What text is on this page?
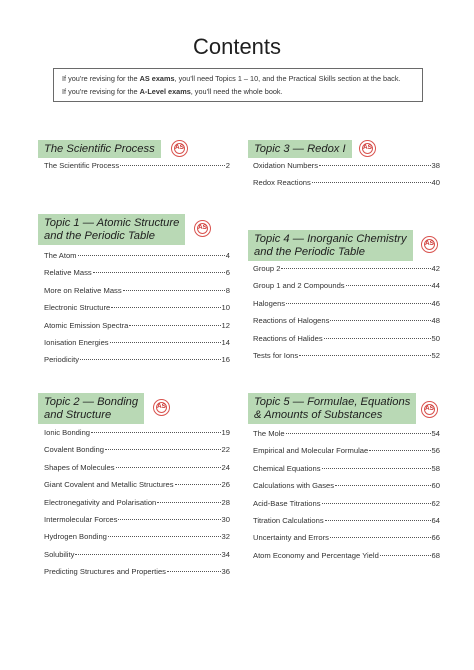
Contents
If you're revising for the AS exams, you'll need Topics 1 – 10, and the Practical Skills section at the back.
If you're revising for the A-Level exams, you'll need the whole book.
The Scientific Process	AS
The Scientific Process	2
Topic 1 — Atomic Structure
and the Periodic Table
AS
The Atom	4
Relative Mass	6
More on Relative Mass	8
Electronic Structure	10
Atomic Emission Spectra	12
Ionisation Energies	14
Periodicity	16
Topic 2 — Bonding
and Structure
AS
Ionic Bonding	19
Covalent Bonding	22
Shapes of Molecules	24
Giant Covalent and Metallic Structures	26
Electronegativity and Polarisation	28
Intermolecular Forces	30
Hydrogen Bonding	32
Solubility	34
Predicting Structures and Properties	36
Topic 3 — Redox I	AS
Oxidation Numbers	38
Redox Reactions	40
Topic 4 — Inorganic Chemistry
and the Periodic Table
AS
Group 2	42
Group 1 and 2 Compounds	44
Halogens	46
Reactions of Halogens	48
Reactions of Halides	50
Tests for Ions	52
Topic 5 — Formulae, Equations
& Amounts of Substances
AS
The Mole	54
Empirical and Molecular Formulae	56
Chemical Equations	58
Calculations with Gases	60
Acid-Base Titrations	62
Titration Calculations	64
Uncertainty and Errors	66
Atom Economy and Percentage Yield	68
